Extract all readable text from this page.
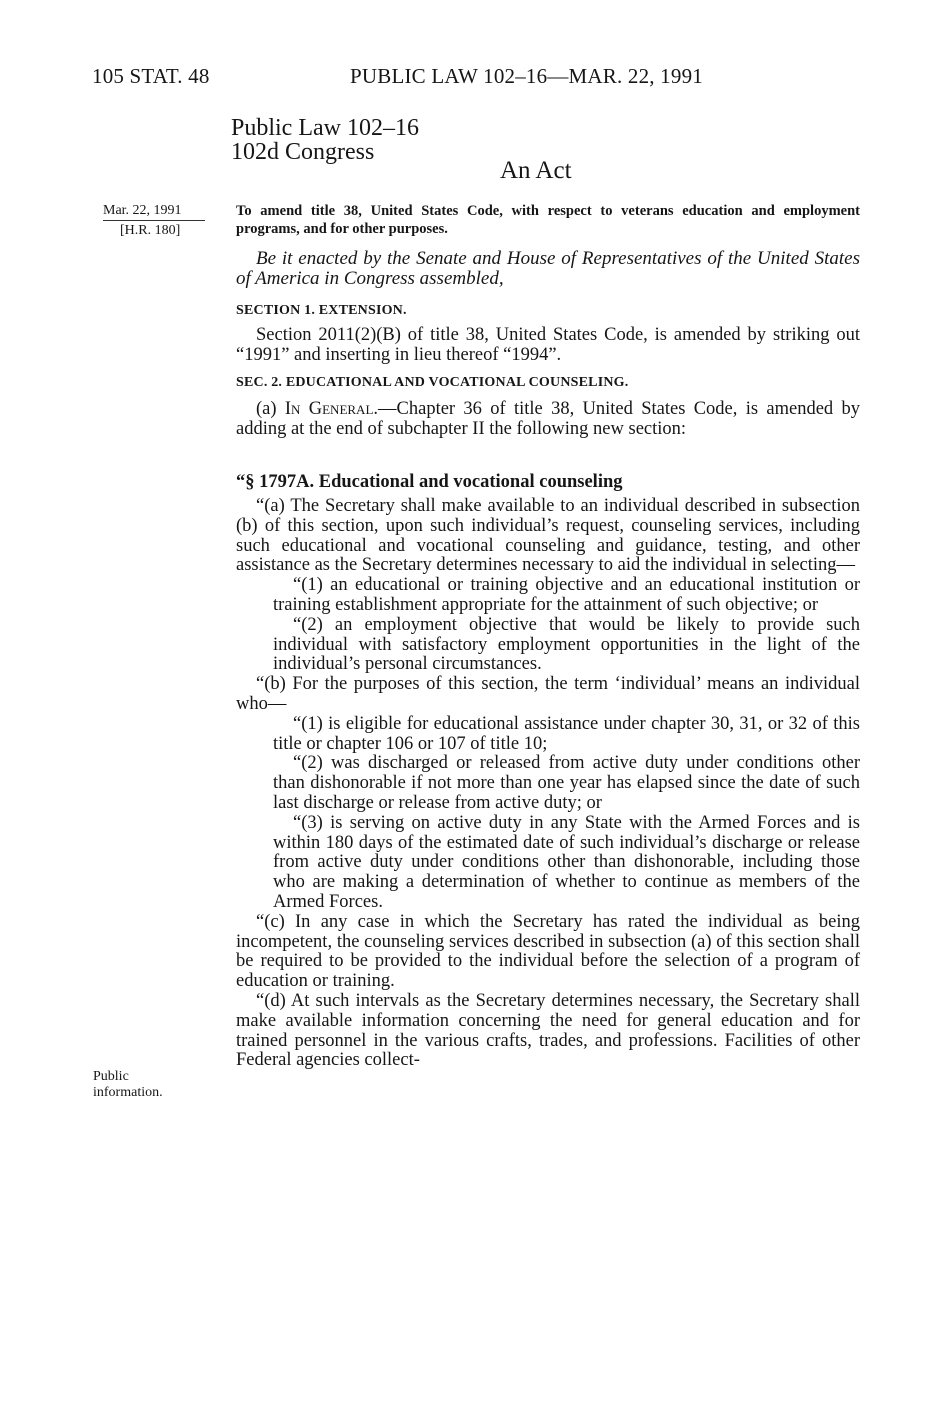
105 STAT. 48	PUBLIC LAW 102–16—MAR. 22, 1991
Public Law 102–16
102d Congress
An Act
Mar. 22, 1991
[H.R. 180]
Public
information.
To amend title 38, United States Code, with respect to veterans education and employment programs, and for other purposes.

Be it enacted by the Senate and House of Representatives of the United States of America in Congress assembled,

SECTION 1. EXTENSION.

Section 2011(2)(B) of title 38, United States Code, is amended by striking out “1991” and inserting in lieu thereof “1994”.

SEC. 2. EDUCATIONAL AND VOCATIONAL COUNSELING.

(a) In General.—Chapter 36 of title 38, United States Code, is amended by adding at the end of subchapter II the following new section:

“§ 1797A. Educational and vocational counseling

“(a) The Secretary shall make available to an individual described in subsection (b) of this section, upon such individual’s request, counseling services, including such educational and vocational counseling and guidance, testing, and other assistance as the Secretary determines necessary to aid the individual in selecting—

“(1) an educational or training objective and an educational institution or training establishment appropriate for the attainment of such objective; or

“(2) an employment objective that would be likely to provide such individual with satisfactory employment opportunities in the light of the individual’s personal circumstances.

“(b) For the purposes of this section, the term ‘individual’ means an individual who—

“(1) is eligible for educational assistance under chapter 30, 31, or 32 of this title or chapter 106 or 107 of title 10;

“(2) was discharged or released from active duty under conditions other than dishonorable if not more than one year has elapsed since the date of such last discharge or release from active duty; or

“(3) is serving on active duty in any State with the Armed Forces and is within 180 days of the estimated date of such individual’s discharge or release from active duty under conditions other than dishonorable, including those who are making a determination of whether to continue as members of the Armed Forces.

“(c) In any case in which the Secretary has rated the individual as being incompetent, the counseling services described in subsection (a) of this section shall be required to be provided to the individual before the selection of a program of education or training.

“(d) At such intervals as the Secretary determines necessary, the Secretary shall make available information concerning the need for general education and for trained personnel in the various crafts, trades, and professions. Facilities of other Federal agencies collect-
